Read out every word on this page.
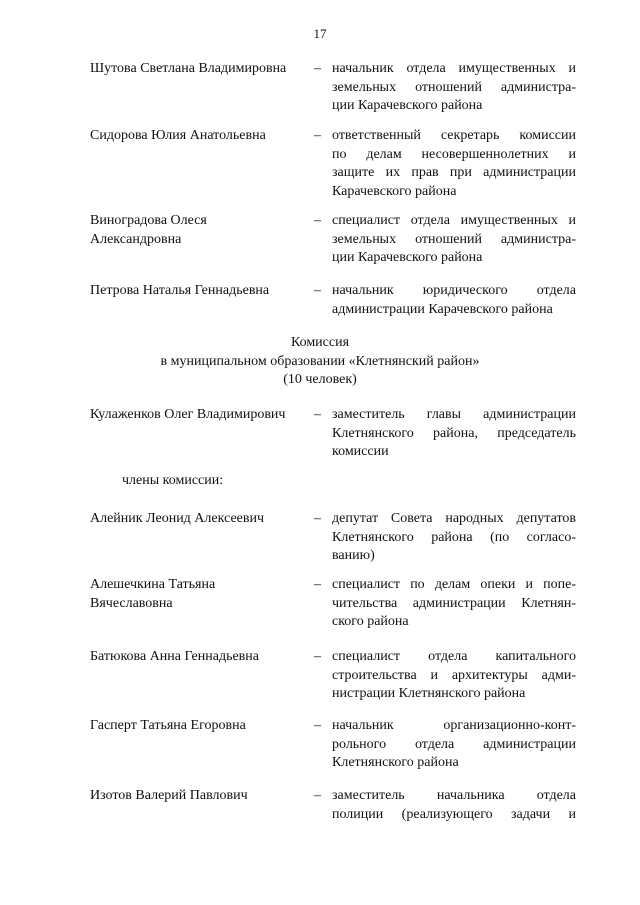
17
Шутова Светлана Владимировна	– начальник отдела имущественных и
земельных отношений администра-
ции Карачевского района
Сидорова Юлия Анатольевна	– ответственный секретарь комиссии
по делам несовершеннолетних и
защите их прав при администрации
Карачевского района
Виноградова Олеся
Александровна
– специалист отдела имущественных и
земельных отношений администра-
ции Карачевского района
Петрова Наталья Геннадьевна	– начальник юридического отдела
администрации Карачевского района
Комиссия
в муниципальном образовании «Клетнянский район»
(10 человек)
Кулаженков Олег Владимирович	– заместитель главы администрации
Клетнянского района, председатель
комиссии
члены комиссии:
Алейник Леонид Алексеевич	– депутат Совета народных депутатов
Клетнянского района (по согласо-
ванию)
Алешечкина Татьяна
Вячеславовна
– специалист по делам опеки и попе-
чительства администрации Клетнян-
ского района
Батюкова Анна Геннадьевна	– специалист отдела капитального
строительства и архитектуры адми-
нистрации Клетнянского района
Гасперт Татьяна Егоровна	– начальник организационно-конт-
рольного отдела администрации
Клетнянского района
Изотов Валерий Павлович	– заместитель начальника отдела
полиции (реализующего задачи и
